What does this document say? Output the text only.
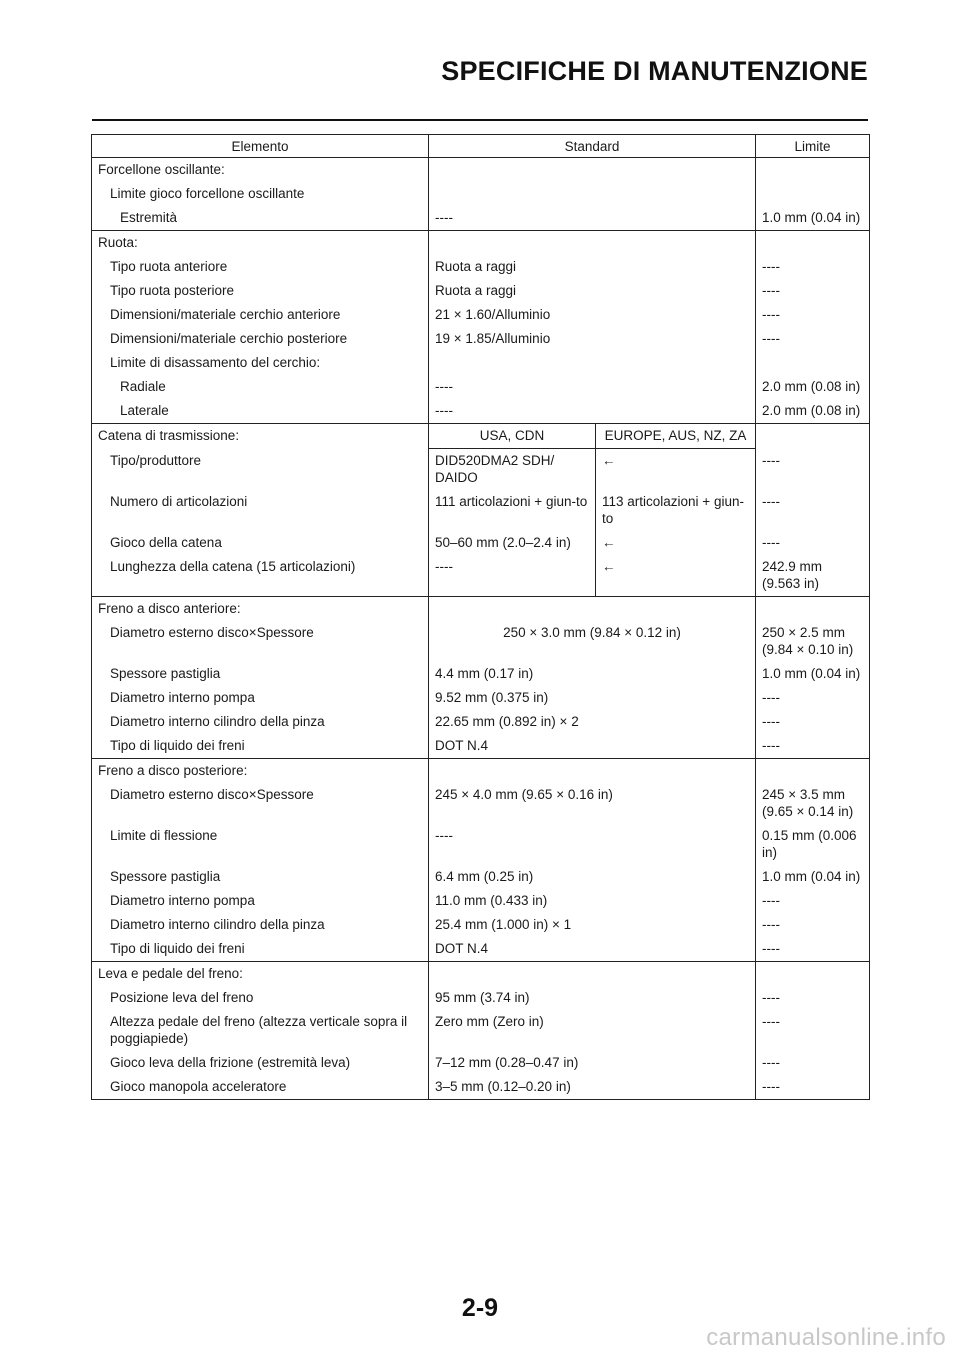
SPECIFICHE DI MANUTENZIONE
Elemento	Standard		Limite
Forcellone oscillante:			
Limite gioco forcellone oscillante			
Estremità	----		1.0 mm (0.04 in)
Ruota:			
Tipo ruota anteriore	Ruota a raggi		----
Tipo ruota posteriore	Ruota a raggi		----
Dimensioni/materiale cerchio anteriore	21 × 1.60/Alluminio		----
Dimensioni/materiale cerchio posteriore	19 × 1.85/Alluminio		----
Limite di disassamento del cerchio:			
Radiale	----		2.0 mm (0.08 in)
Laterale	----		2.0 mm (0.08 in)
Catena di trasmissione:	USA, CDN	EUROPE, AUS, NZ, ZA	
Tipo/produttore	DID520DMA2 SDH/ DAIDO	←	----
Numero di articolazioni	111 articolazioni + giun-to	113 articolazioni + giun-to	----
Gioco della catena	50–60 mm (2.0–2.4 in)	←	----
Lunghezza della catena (15 articolazioni)	----	←	242.9 mm (9.563 in)
Freno a disco anteriore:			
Diametro esterno disco×Spessore	250 × 3.0 mm (9.84 × 0.12 in)		250 × 2.5 mm (9.84 × 0.10 in)
Spessore pastiglia	4.4 mm (0.17 in)		1.0 mm (0.04 in)
Diametro interno pompa	9.52 mm (0.375 in)		----
Diametro interno cilindro della pinza	22.65 mm (0.892 in) × 2		----
Tipo di liquido dei freni	DOT N.4		----
Freno a disco posteriore:			
Diametro esterno disco×Spessore	245 × 4.0 mm (9.65 × 0.16 in)		245 × 3.5 mm (9.65 × 0.14 in)
Limite di flessione	----		0.15 mm (0.006 in)
Spessore pastiglia	6.4 mm (0.25 in)		1.0 mm (0.04 in)
Diametro interno pompa	11.0 mm (0.433 in)		----
Diametro interno cilindro della pinza	25.4 mm (1.000 in) × 1		----
Tipo di liquido dei freni	DOT N.4		----
Leva e pedale del freno:			
Posizione leva del freno	95 mm (3.74 in)		----
Altezza pedale del freno (altezza verticale sopra il poggiapiede)	Zero mm (Zero in)		----
Gioco leva della frizione (estremità leva)	7–12 mm (0.28–0.47 in)		----
Gioco manopola acceleratore	3–5 mm (0.12–0.20 in)		----
2-9
carmanualsonline.info
